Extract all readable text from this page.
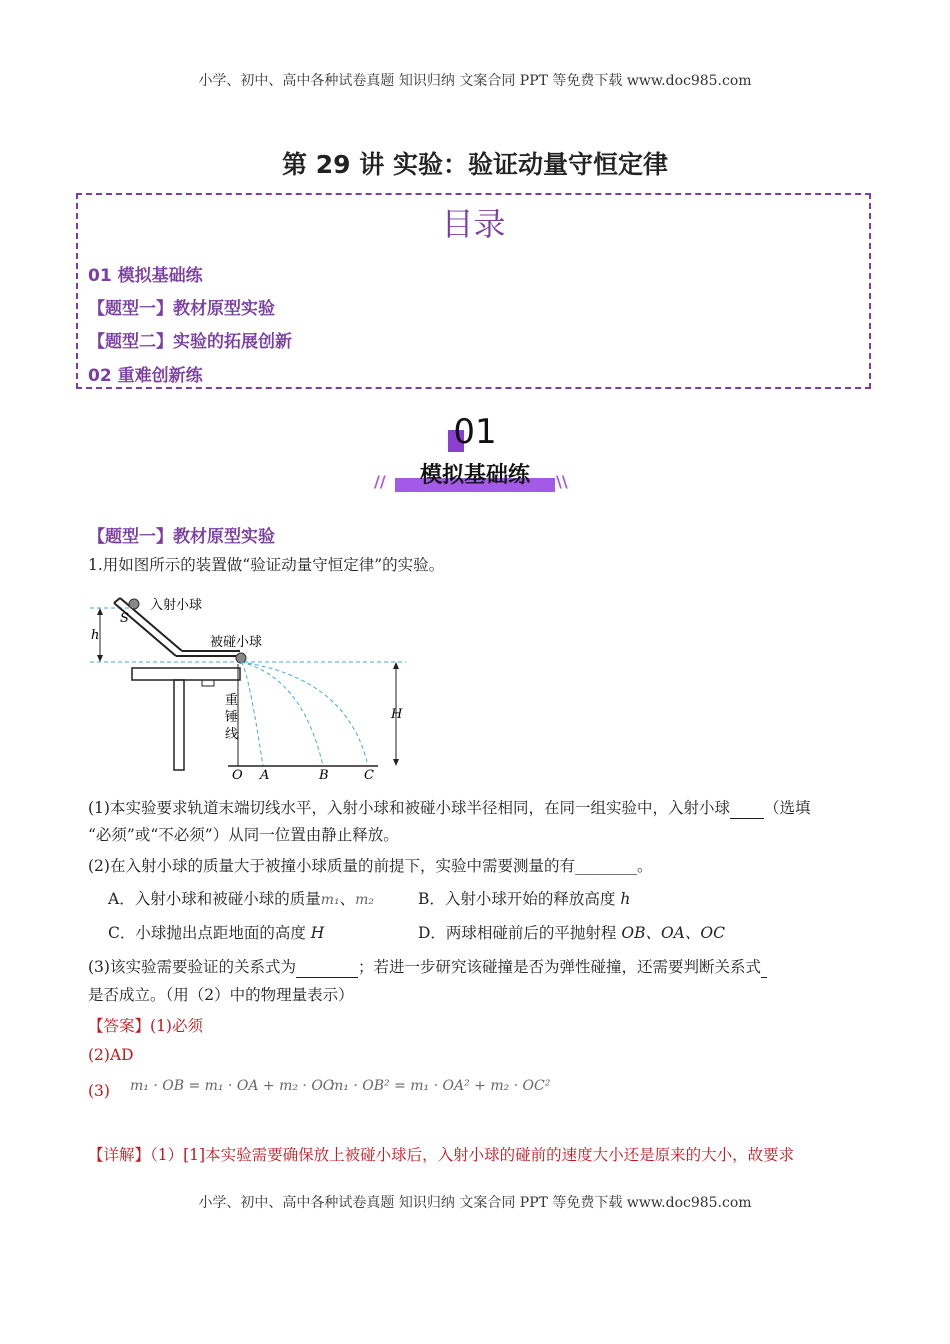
小学、初中、高中各种试卷真题 知识归纳 文案合同 PPT 等免费下载 www.doc985.com
第 29 讲 实验：验证动量守恒定律
目录
01 模拟基础练
【题型一】教材原型实验
【题型二】实验的拓展创新
02 重难创新练
01
模拟基础练
//	\\
【题型一】教材原型实验
1.用如图所示的装置做“验证动量守恒定律”的实验。
入射小球
S
h	被碰小球
重
锤
线
H
O A	B	C
(1)本实验要求轨道末端切线水平，入射小球和被碰小球半径相同，在同一组实验中，入射小球 （选填
“必须”或“不必须”）从同一位置由静止释放。
(2)在入射小球的质量大于被撞小球质量的前提下，实验中需要测量的有________。
A．入射小球和被碰小球的质量m₁、m₂	B．入射小球开始的释放高度 h
C．小球抛出点距地面的高度 H	D．两球相碰前后的平抛射程 OB、OA、OC
(3)该实验需要验证的关系式为	；若进一步研究该碰撞是否为弹性碰撞，还需要判断关系式
是否成立。（用（2）中的物理量表示）
【答案】(1)必须
(2)AD
(3) m₁ · OB = m₁ · OA + m₂ · OC
m₁ · OB² = m₁ · OA² + m₂ · OC²
【详解】（1）[1]本实验需要确保放上被碰小球后，入射小球的碰前的速度大小还是原来的大小，故要求
小学、初中、高中各种试卷真题 知识归纳 文案合同 PPT 等免费下载 www.doc985.com
